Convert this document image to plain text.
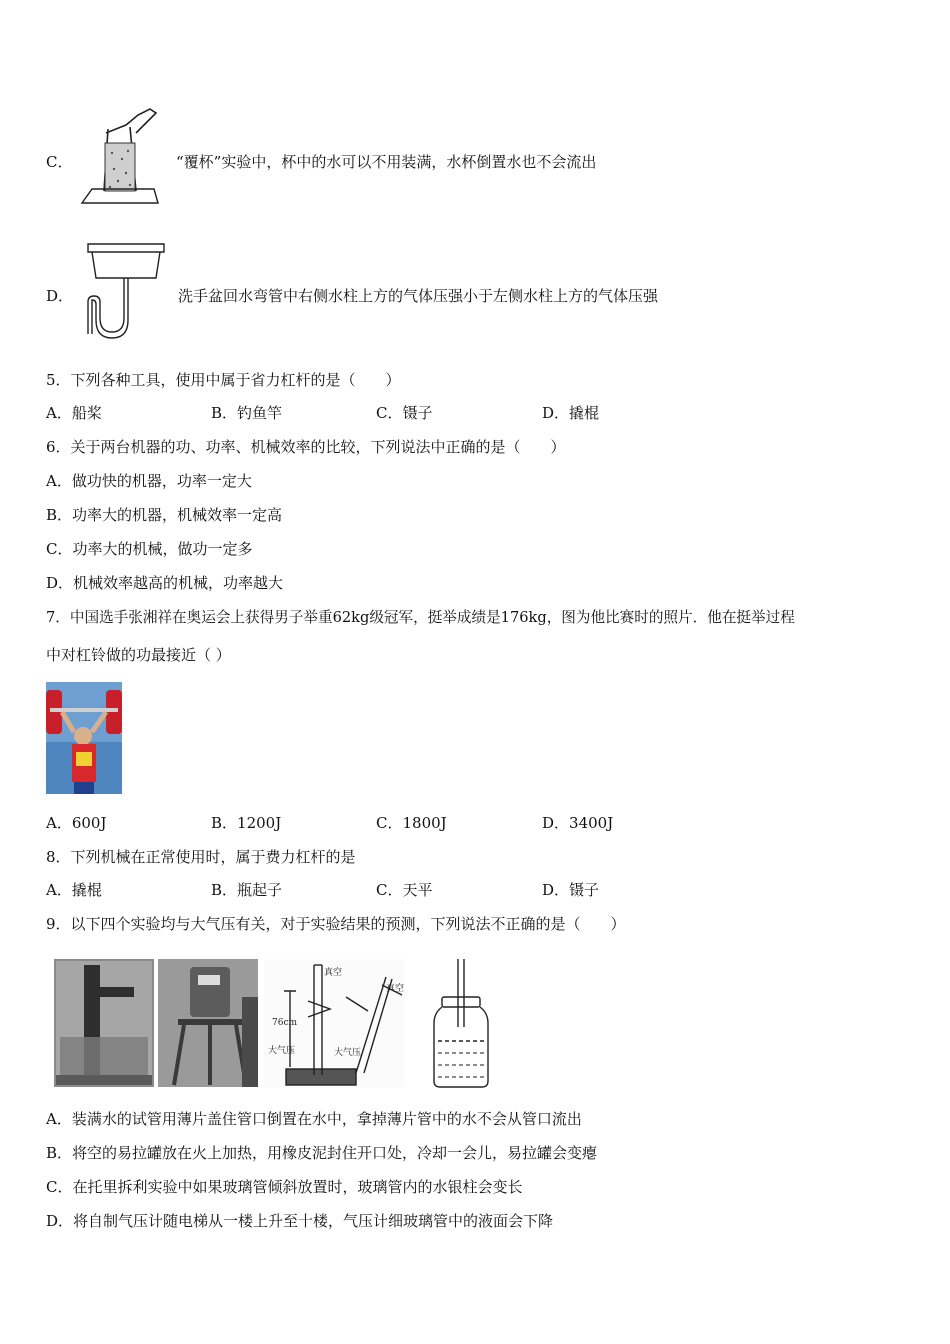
C．	“覆杯”实验中，杯中的水可以不用装满，水杯倒置水也不会流出
D．	洗手盆回水弯管中右侧水柱上方的气体压强小于左侧水柱上方的气体压强
5．下列各种工具，使用中属于省力杠杆的是（　　）
A．船桨	B．钓鱼竿	C．镊子	D．撬棍
6．关于两台机器的功、功率、机械效率的比较，下列说法中正确的是（　　）
A．做功快的机器，功率一定大
B．功率大的机器，机械效率一定高
C．功率大的机械，做功一定多
D．机械效率越高的机械，功率越大
7．中国选手张湘祥在奥运会上获得男子举重62kg级冠军，挺举成绩是176kg，图为他比赛时的照片．他在挺举过程
中对杠铃做的功最接近（ ）
A．600J	B．1200J	C．1800J	D．3400J
8．下列机械在正常使用时，属于费力杠杆的是
A．撬棍	B．瓶起子	C．天平	D．镊子
9．以下四个实验均与大气压有关，对于实验结果的预测，下列说法不正确的是（　　）
真空
真空
76cm
大气压	大气压
A．装满水的试管用薄片盖住管口倒置在水中，拿掉薄片管中的水不会从管口流出
B．将空的易拉罐放在火上加热，用橡皮泥封住开口处，冷却一会儿，易拉罐会变瘪
C．在托里拆利实验中如果玻璃管倾斜放置时，玻璃管内的水银柱会变长
D．将自制气压计随电梯从一楼上升至十楼，气压计细玻璃管中的液面会下降
